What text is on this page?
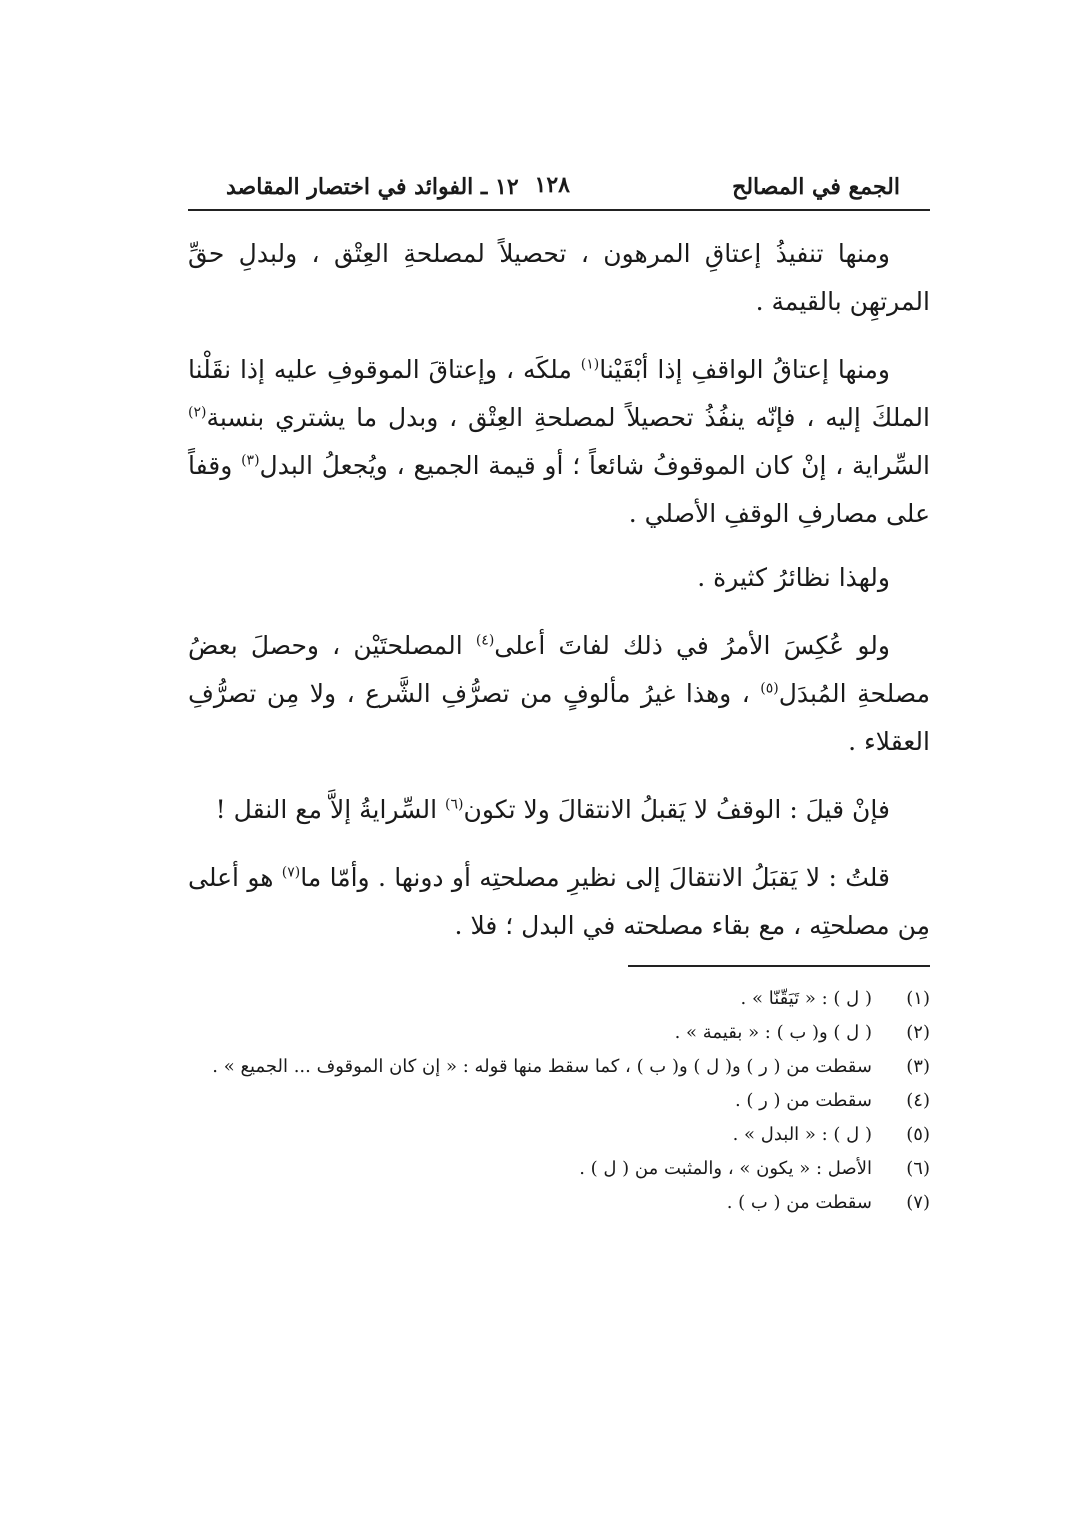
الجمع في المصالح
١٢٨
١٢ ـ الفوائد في اختصار المقاصد

ومنها تنفيذُ إعتاقِ المرهون ، تحصيلاً لمصلحةِ العِتْق ، ولبدلِ حقِّ المرتهِن بالقيمة .

ومنها إعتاقُ الواقفِ إذا أبْقَيْنا$^{(١)}$ ملكَه ، وإعتاقَ الموقوفِ عليه إذا نقَلْنا الملكَ إليه ، فإنّه ينفُذُ تحصيلاً لمصلحةِ العِتْق ، وبدل ما يشتري بنسبة$^{(٢)}$ السِّراية ، إنْ كان الموقوفُ شائعاً ؛ أو قيمة الجميع ، ويُجعلُ البدل$^{(٣)}$ وقفاً على مصارفِ الوقفِ الأصلي .

ولهذا نظائرُ كثيرة .

ولو عُكِسَ الأمرُ في ذلك لفاتَ أعلى$^{(٤)}$ المصلحتَيْن ، وحصلَ بعضُ مصلحةِ المُبدَل$^{(٥)}$ ، وهذا غيرُ مألوفٍ من تصرُّفِ الشَّرع ، ولا مِن تصرُّفِ العقلاء .

فإنْ قيلَ : الوقفُ لا يَقبلُ الانتقالَ ولا تكون$^{(٦)}$ السِّرايةُ إلاَّ مع النقل !

قلتُ : لا يَقبَلُ الانتقالَ إلى نظيرِ مصلحتِه أو دونها . وأمّا ما$^{(٧)}$ هو أعلى مِن مصلحتِه ، مع بقاء مصلحته في البدل ؛ فلا .

(١)( ل ) : « تَيَقّنّا » .
(٢)( ل ) و( ب ) : « بقيمة » .
(٣)سقطت من ( ر ) و( ل ) و( ب ) ، كما سقط منها قوله : « إن كان الموقوف ... الجميع » .
(٤)سقطت من ( ر ) .
(٥)( ل ) : « البدل » .
(٦)الأصل : « يكون » ، والمثبت من ( ل ) .
(٧)سقطت من ( ب ) .
